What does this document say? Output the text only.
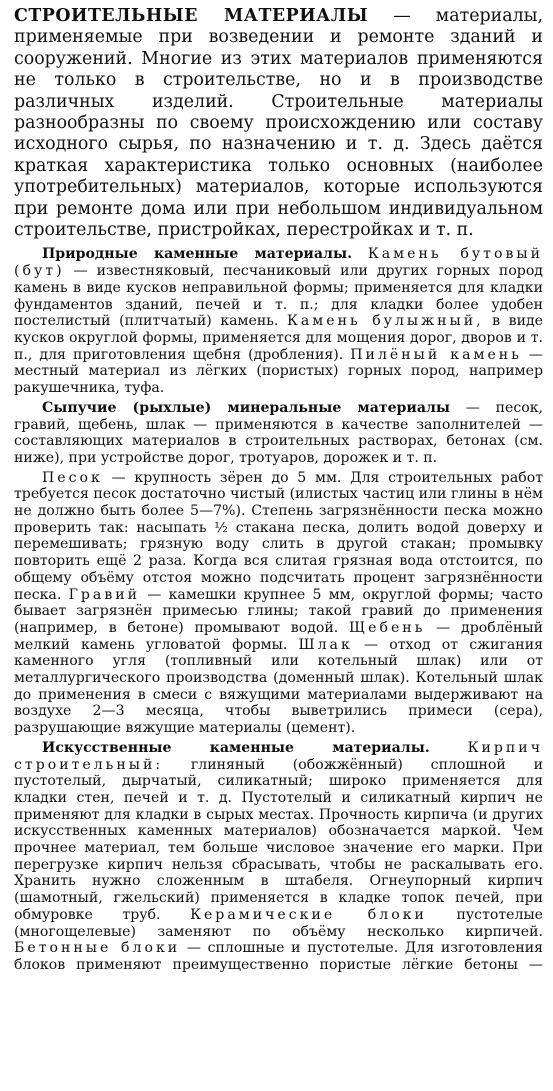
СТРОИТЕЛЬНЫЕ МАТЕРИАЛЫ — материалы, применяемые при возведении и ремонте зданий и сооружений. Многие из этих материалов применяются не только в строительстве, но и в производстве различных изделий. Строительные материалы разнообразны по своему происхождению или составу исходного сырья, по назначению и т. д. Здесь даётся краткая характеристика только основных (наиболее употребительных) материалов, которые используются при ремонте дома или при небольшом индивидуальном строительстве, пристройках, перестройках и т. п.

Природные каменные материалы. Камень бутовый (бут) — известняковый, песчаниковый или других горных пород камень в виде кусков неправильной формы; применяется для кладки фундаментов зданий, печей и т. п.; для кладки более удобен постелистый (плитчатый) камень. Камень булыжный, в виде кусков округлой формы, применяется для мощения дорог, дворов и т. п., для приготовления щебня (дробления). Пилёный камень — местный материал из лёгких (пористых) горных пород, например ракушечника, туфа.

Сыпучие (рыхлые) минеральные материалы — песок, гравий, щебень, шлак — применяются в качестве заполнителей — составляющих материалов в строительных растворах, бетонах (см. ниже), при устройстве дорог, тротуаров, дорожек и т. п.

Песок — крупность зёрен до 5 мм. Для строительных работ требуется песок достаточно чистый (илистых частиц или глины в нём не должно быть более 5—7%). Степень загрязнённости песка можно проверить так: насыпать ½ стакана песка, долить водой доверху и перемешивать; грязную воду слить в другой стакан; промывку повторить ещё 2 раза. Когда вся слитая грязная вода отстоится, по общему объёму отстоя можно подсчитать процент загрязнённости песка. Гравий — камешки крупнее 5 мм, округлой формы; часто бывает загрязнён примесью глины; такой гравий до применения (например, в бетоне) промывают водой. Щебень — дроблёный мелкий камень угловатой формы. Шлак — отход от сжигания каменного угля (топливный или котельный шлак) или от металлургического производства (доменный шлак). Котельный шлак до применения в смеси с вяжущими материалами выдерживают на воздухе 2—3 месяца, чтобы выветрились примеси (сера), разрушающие вяжущие материалы (цемент).

Искусственные каменные материалы.	Кирпич строительный: глиняный (обожжённый) сплошной и пустотелый, дырчатый, силикатный; широко применяется для кладки стен, печей и т. д. Пустотелый и силикатный кирпич не применяют для кладки в сырых местах. Прочность кирпича (и других искусственных каменных материалов) обозначается маркой. Чем прочнее материал, тем больше числовое значение его марки. При перегрузке кирпич нельзя сбрасывать, чтобы не раскалывать его. Хранить нужно сложенным в штабеля. Огнеупорный кирпич (шамотный, гжельский) применяется в кладке топок печей, при обмуровке труб. Керамические блоки пустотелые (многощелевые) заменяют по объёму несколько кирпичей. Бетонные блоки — сплошные и пустотелые. Для изготовления блоков применяют преимущественно пористые лёгкие бетоны —
